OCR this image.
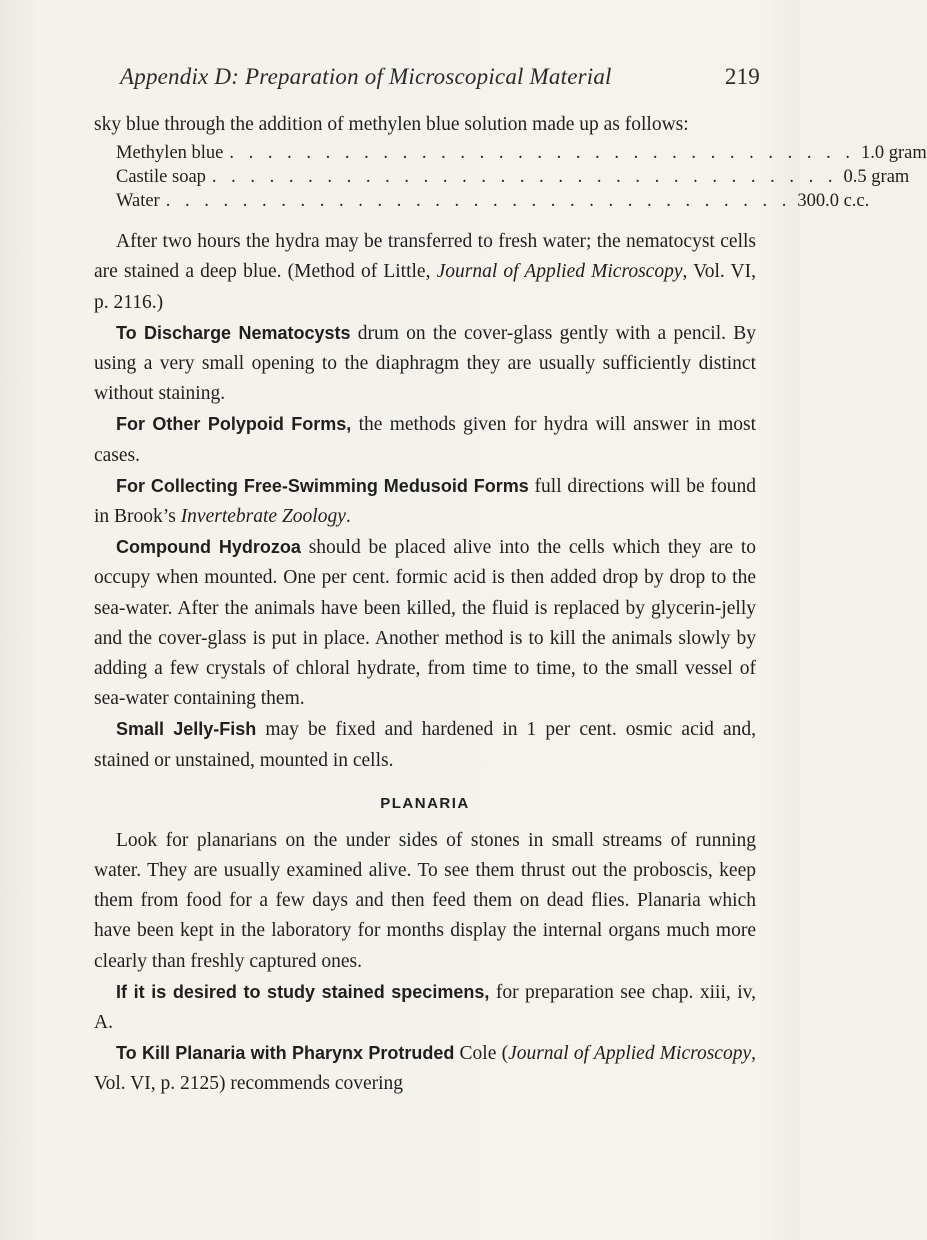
Appendix D: Preparation of Microscopical Material	219

sky blue through the addition of methylen blue solution made up as follows:

Methylen blue . . . . . . . . . . . . . . . . . . . . . . . . . . . . . . . . . 1.0 gram
Castile soap . . . . . . . . . . . . . . . . . . . . . . . . . . . . . . . . . 0.5 gram
Water . . . . . . . . . . . . . . . . . . . . . . . . . . . . . . . . . 300.0 c.c.

After two hours the hydra may be transferred to fresh water; the nematocyst cells are stained a deep blue. (Method of Little, Journal of Applied Microscopy, Vol. VI, p. 2116.)

To Discharge Nematocysts drum on the cover-glass gently with a pencil. By using a very small opening to the diaphragm they are usually sufficiently distinct without staining.

For Other Polypoid Forms, the methods given for hydra will answer in most cases.

For Collecting Free-Swimming Medusoid Forms full directions will be found in Brook’s Invertebrate Zoology.

Compound Hydrozoa should be placed alive into the cells which they are to occupy when mounted. One per cent. formic acid is then added drop by drop to the sea-water. After the animals have been killed, the fluid is replaced by glycerin-jelly and the cover-glass is put in place. Another method is to kill the animals slowly by adding a few crystals of chloral hydrate, from time to time, to the small vessel of sea-water containing them.

Small Jelly-Fish may be fixed and hardened in 1 per cent. osmic acid and, stained or unstained, mounted in cells.

PLANARIA

Look for planarians on the under sides of stones in small streams of running water. They are usually examined alive. To see them thrust out the proboscis, keep them from food for a few days and then feed them on dead flies. Planaria which have been kept in the laboratory for months display the internal organs much more clearly than freshly captured ones.

If it is desired to study stained specimens, for preparation see chap. xiii, iv, A.

To Kill Planaria with Pharynx Protruded Cole (Journal of Applied Microscopy, Vol. VI, p. 2125) recommends covering
